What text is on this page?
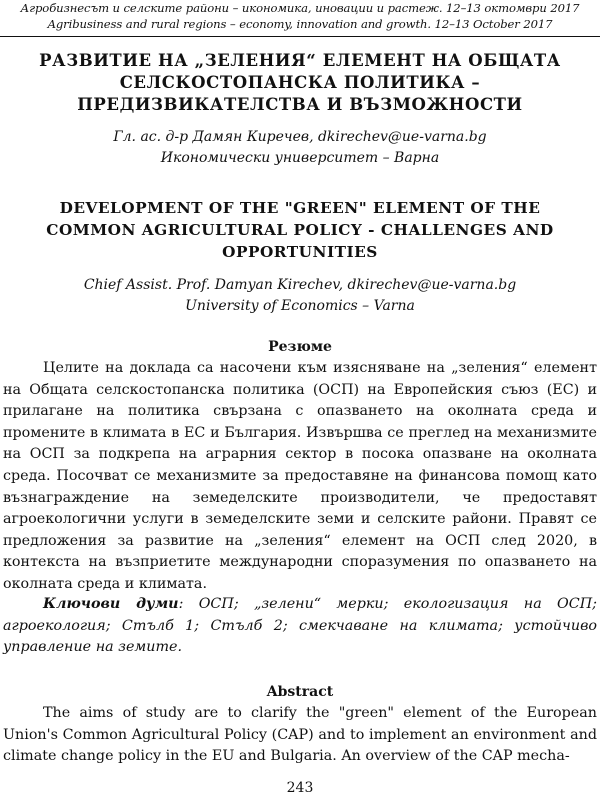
Агробизнесът и селските райони – икономика, иновации и растеж. 12–13 октомври 2017
Agribusiness and rural regions – economy, innovation and growth. 12–13 October 2017
РАЗВИТИЕ НА „ЗЕЛЕНИЯ“ ЕЛЕМЕНТ НА ОБЩАТА СЕЛСКОСТОПАНСКА ПОЛИТИКА – ПРЕДИЗВИКАТЕЛСТВА И ВЪЗМОЖНОСТИ
Гл. ас. д-р Дамян Киречев, dkirechev@ue-varna.bg
Икономически университет – Варна
DEVELOPMENT OF THE "GREEN" ELEMENT OF THE COMMON AGRICULTURAL POLICY - CHALLENGES AND OPPORTUNITIES
Chief Assist. Prof. Damyan Kirechev, dkirechev@ue-varna.bg
University of Economics – Varna
Резюме
Целите на доклада са насочени към изясняване на „зеления“ елемент на Общата селскостопанска политика (ОСП) на Европейския съюз (ЕС) и прилагане на политика свързана с опазването на околната среда и промените в климата в ЕС и България. Извършва се преглед на механизмите на ОСП за подкрепа на аграрния сектор в посока опазване на околната среда. Посочват се механизмите за предоставяне на финансова помощ като възнаграждение на земеделските производители, че предоставят агроекологични услуги в земеделските земи и селските райони. Правят се предложения за развитие на „зеления“ елемент на ОСП след 2020, в контекста на възприетите международни споразумения по опазването на околната среда и климата.
Ключови думи: ОСП; „зелени“ мерки; екологизация на ОСП; агроекология; Стълб 1; Стълб 2; смекчаване на климата; устойчиво управление на земите.
Abstract
The aims of study are to clarify the "green" element of the European Union's Common Agricultural Policy (CAP) and to implement an environment and climate change policy in the EU and Bulgaria. An overview of the CAP mecha-
243
